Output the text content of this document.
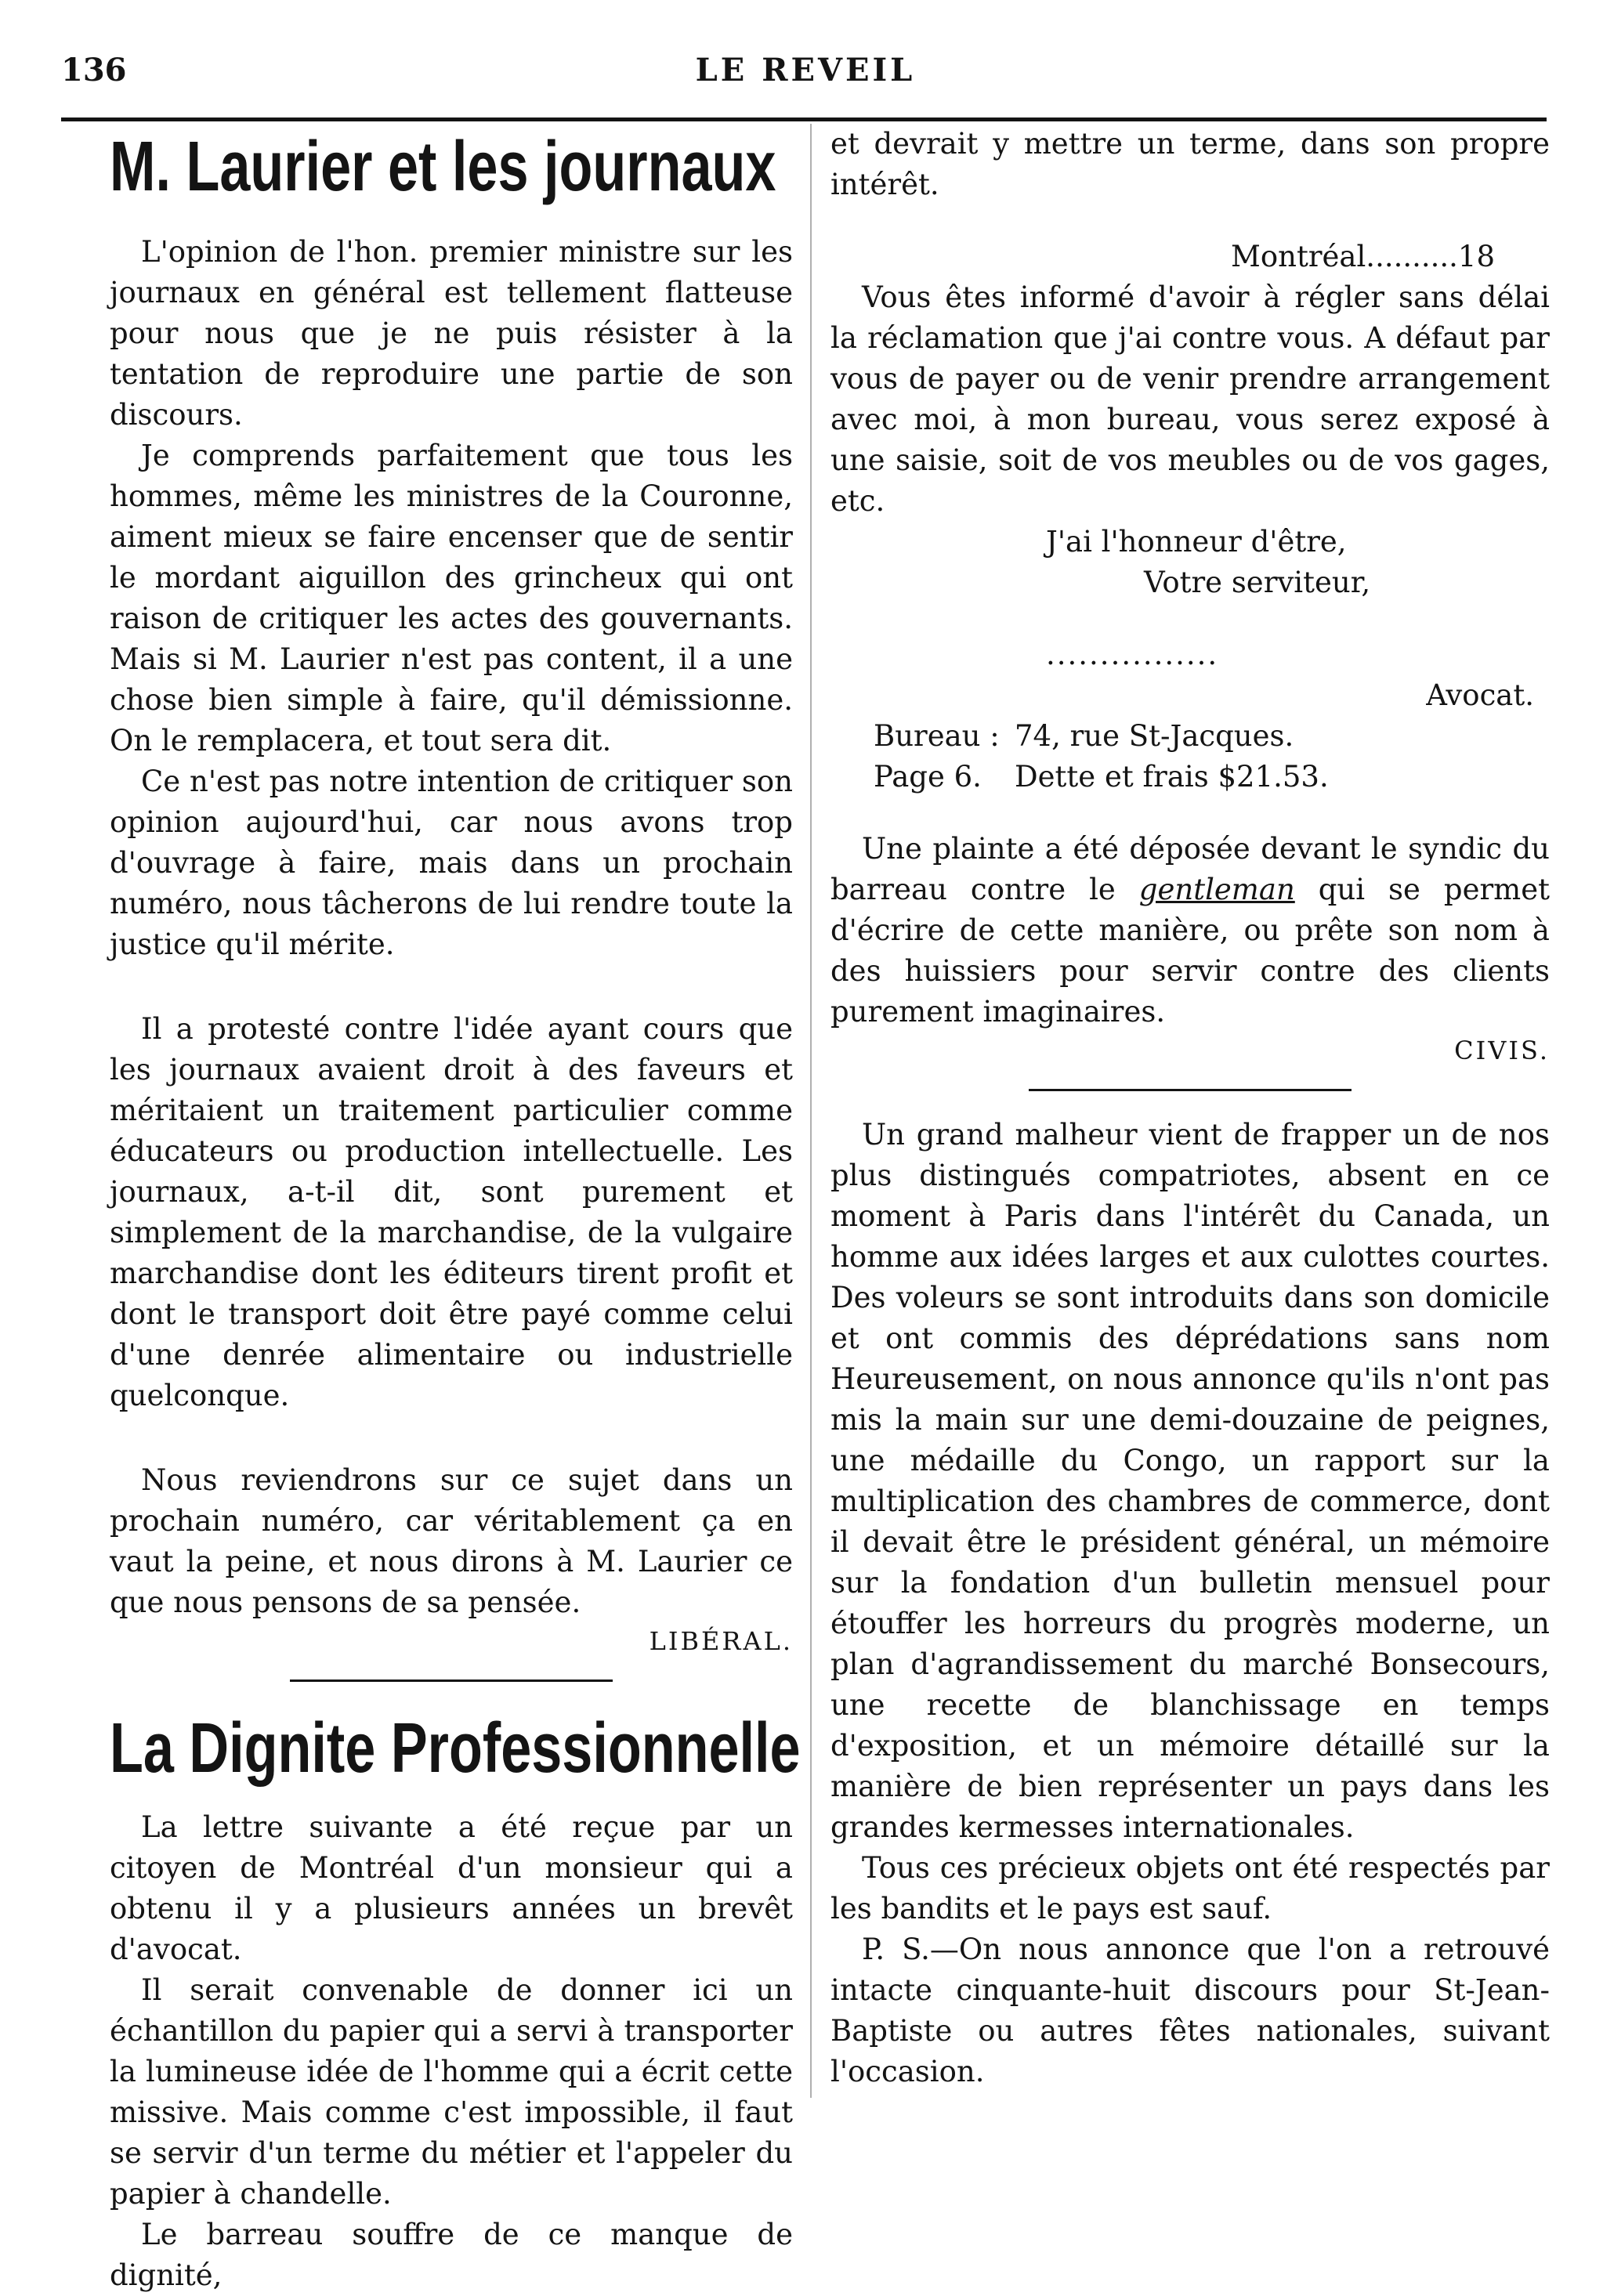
136	LE REVEIL
M. Laurier et les journaux

L'opinion de l'hon. premier ministre sur les journaux en général est tellement flatteuse pour nous que je ne puis résister à la tentation de reproduire une partie de son discours.

Je comprends parfaitement que tous les hommes, même les ministres de la Couronne, aiment mieux se faire encenser que de sentir le mordant aiguillon des grincheux qui ont raison de critiquer les actes des gouvernants. Mais si M. Laurier n'est pas content, il a une chose bien simple à faire, qu'il démissionne. On le remplacera, et tout sera dit.

Ce n'est pas notre intention de critiquer son opinion aujourd'hui, car nous avons trop d'ouvrage à faire, mais dans un prochain numéro, nous tâcherons de lui rendre toute la justice qu'il mérite.

Il a protesté contre l'idée ayant cours que les journaux avaient droit à des faveurs et méritaient un traitement particulier comme éducateurs ou production intellectuelle. Les journaux, a-t-il dit, sont purement et simplement de la marchandise, de la vulgaire marchandise dont les éditeurs tirent profit et dont le transport doit être payé comme celui d'une denrée alimentaire ou industrielle quelconque.

Nous reviendrons sur ce sujet dans un prochain numéro, car véritablement ça en vaut la peine, et nous dirons à M. Laurier ce que nous pensons de sa pensée.

LIBÉRAL.
La Dignite Professionnelle

La lettre suivante a été reçue par un citoyen de Montréal d'un monsieur qui a obtenu il y a plusieurs années un brevêt d'avocat.

Il serait convenable de donner ici un échantillon du papier qui a servi à transporter la lumineuse idée de l'homme qui a écrit cette missive. Mais comme c'est impossible, il faut se servir d'un terme du métier et l'appeler du papier à chandelle.

Le barreau souffre de ce manque de dignité,

et devrait y mettre un terme, dans son propre intérêt.

Montréal..........18

Vous êtes informé d'avoir à régler sans délai la réclamation que j'ai contre vous. A défaut par vous de payer ou de venir prendre arrangement avec moi, à mon bureau, vous serez exposé à une saisie, soit de vos meubles ou de vos gages, etc.

J'ai l'honneur d'être,

Votre serviteur,

................

Avocat.

Bureau : 74, rue St-Jacques.
Page 6. Dette et frais $21.53.

Une plainte a été déposée devant le syndic du barreau contre le gentleman qui se permet d'écrire de cette manière, ou prête son nom à des huissiers pour servir contre des clients purement imaginaires.

CIVIS.

Un grand malheur vient de frapper un de nos plus distingués compatriotes, absent en ce moment à Paris dans l'intérêt du Canada, un homme aux idées larges et aux culottes courtes. Des voleurs se sont introduits dans son domicile et ont commis des déprédations sans nom Heureusement, on nous annonce qu'ils n'ont pas mis la main sur une demi-douzaine de peignes, une médaille du Congo, un rapport sur la multiplication des chambres de commerce, dont il devait être le président général, un mémoire sur la fondation d'un bulletin mensuel pour étouffer les horreurs du progrès moderne, un plan d'agrandissement du marché Bonsecours, une recette de blanchissage en temps d'exposition, et un mémoire détaillé sur la manière de bien représenter un pays dans les grandes kermesses internationales.

Tous ces précieux objets ont été respectés par les bandits et le pays est sauf.

P. S.—On nous annonce que l'on a retrouvé intacte cinquante-huit discours pour St-Jean-Baptiste ou autres fêtes nationales, suivant l'occasion.
